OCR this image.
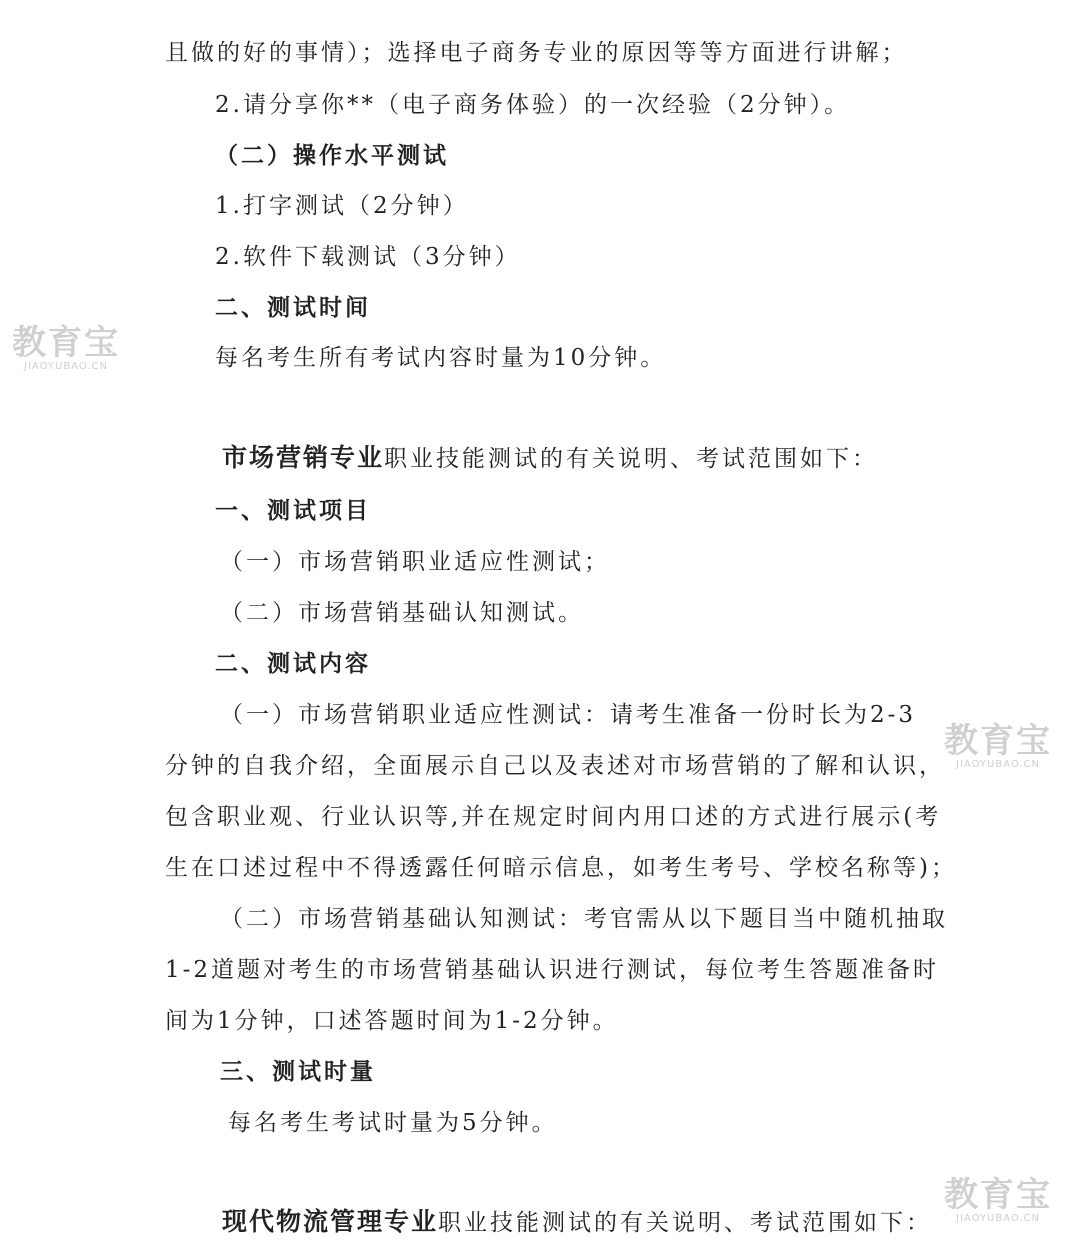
且做的好的事情）；选择电子商务专业的原因等等方面进行讲解；
2.请分享你**（电子商务体验）的一次经验（2分钟）。
（二）操作水平测试
1.打字测试（2分钟）
2.软件下载测试（3分钟）
二、测试时间
每名考生所有考试内容时量为10分钟。
市场营销专业职业技能测试的有关说明、考试范围如下：
一、测试项目
（一）市场营销职业适应性测试；
（二）市场营销基础认知测试。
二、测试内容
（一）市场营销职业适应性测试：请考生准备一份时长为2-3
分钟的自我介绍，全面展示自己以及表述对市场营销的了解和认识，
包含职业观、行业认识等,并在规定时间内用口述的方式进行展示(考
生在口述过程中不得透露任何暗示信息，如考生考号、学校名称等)；
（二）市场营销基础认知测试：考官需从以下题目当中随机抽取
1-2道题对考生的市场营销基础认识进行测试，每位考生答题准备时
间为1分钟，口述答题时间为1-2分钟。
三、测试时量
每名考生考试时量为5分钟。
现代物流管理专业职业技能测试的有关说明、考试范围如下：
教育宝
JIAOYUBAO.CN
教育宝
JIAOYUBAO.CN
教育宝
JIAOYUBAO.CN
